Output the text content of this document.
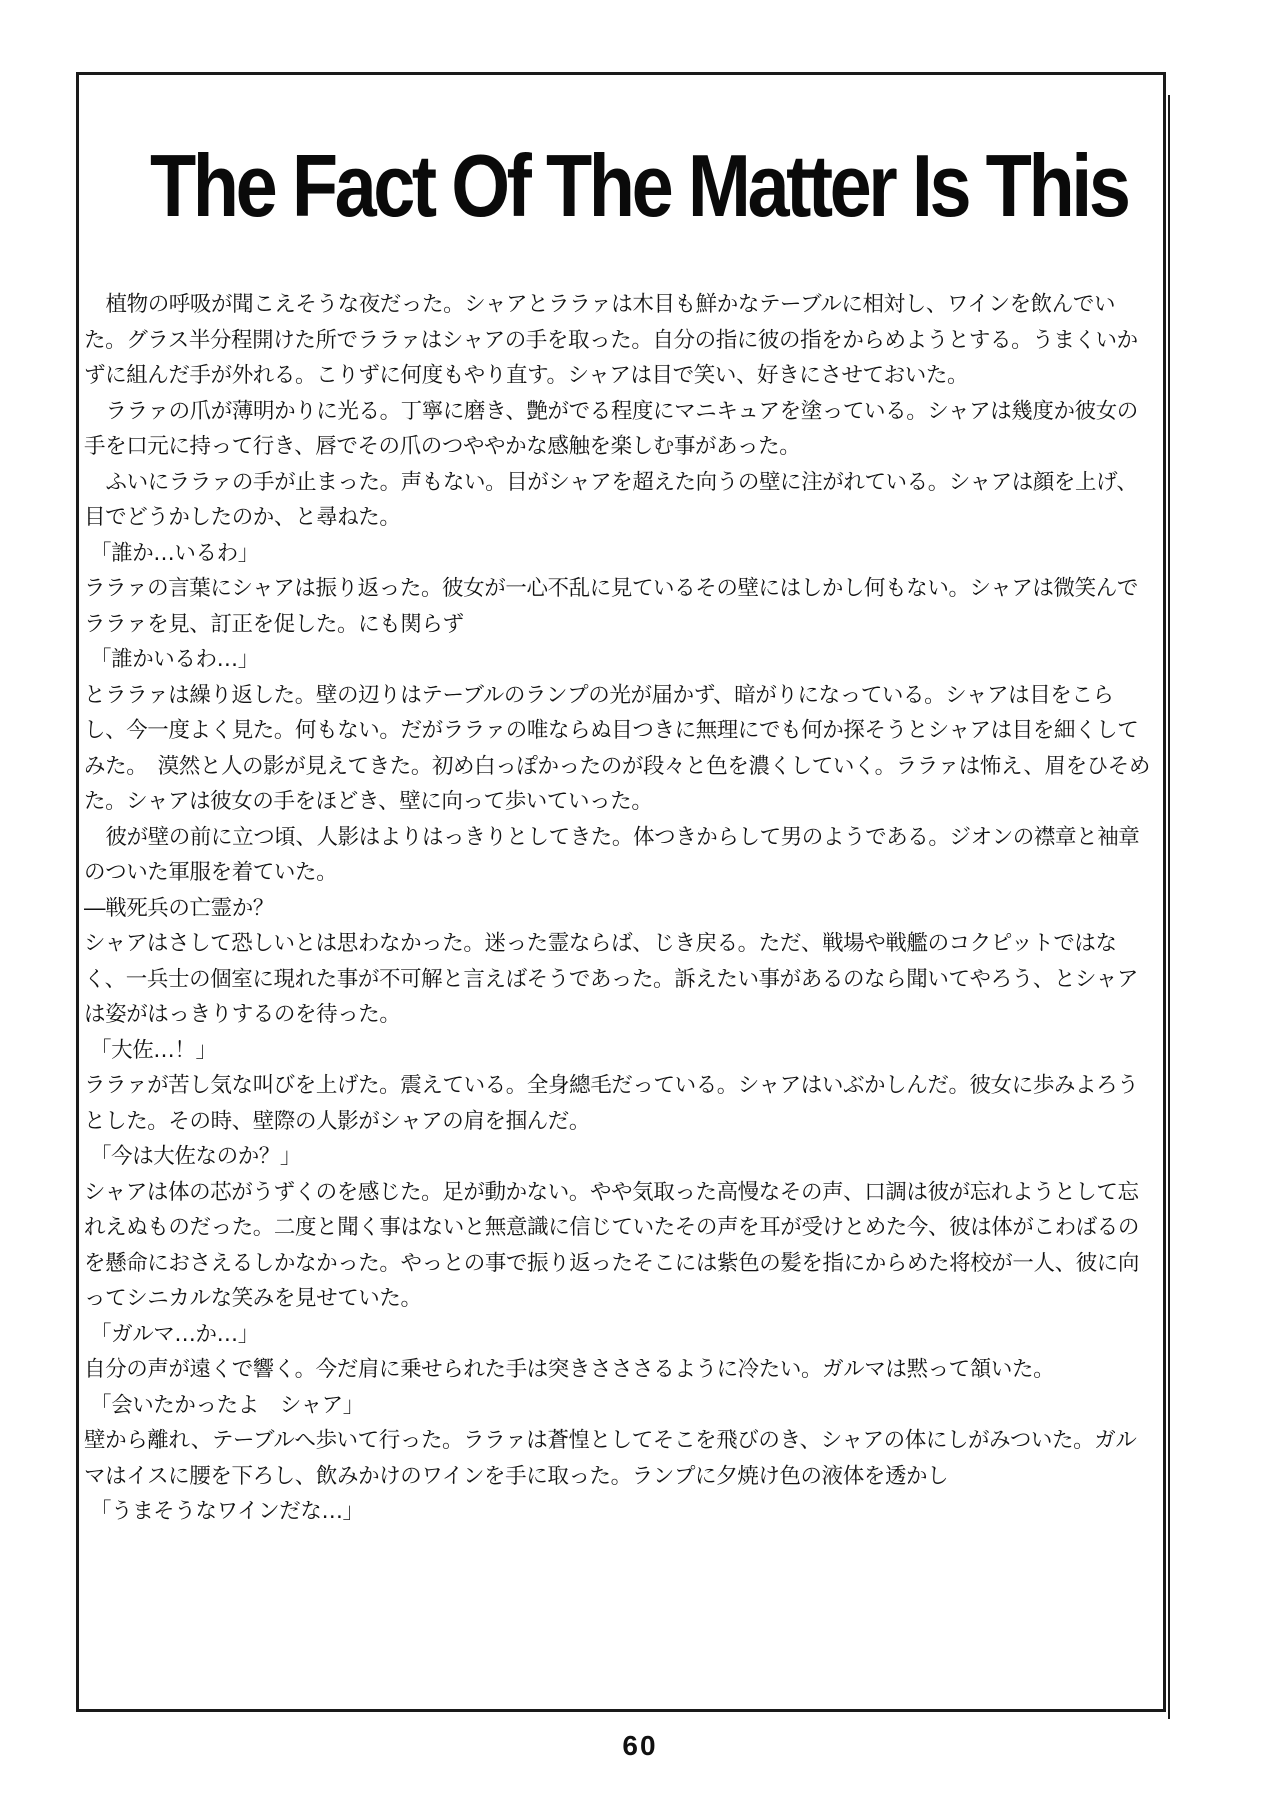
The Fact Of The Matter Is This

植物の呼吸が聞こえそうな夜だった。シャアとララァは木目も鮮かなテーブルに相対し、ワインを飲んでいた。グラス半分程開けた所でララァはシャアの手を取った。自分の指に彼の指をからめようとする。うまくいかずに組んだ手が外れる。こりずに何度もやり直す。シャアは目で笑い、好きにさせておいた。

ララァの爪が薄明かりに光る。丁寧に磨き、艶がでる程度にマニキュアを塗っている。シャアは幾度か彼女の手を口元に持って行き、唇でその爪のつややかな感触を楽しむ事があった。

ふいにララァの手が止まった。声もない。目がシャアを超えた向うの壁に注がれている。シャアは顔を上げ、目でどうかしたのか、と尋ねた。

「誰か…いるわ」

ララァの言葉にシャアは振り返った。彼女が一心不乱に見ているその壁にはしかし何もない。シャアは微笑んでララァを見、訂正を促した。にも関らず

「誰かいるわ…」

とララァは繰り返した。壁の辺りはテーブルのランプの光が届かず、暗がりになっている。シャアは目をこらし、今一度よく見た。何もない。だがララァの唯ならぬ目つきに無理にでも何か探そうとシャアは目を細くしてみた。　漠然と人の影が見えてきた。初め白っぽかったのが段々と色を濃くしていく。ララァは怖え、眉をひそめた。シャアは彼女の手をほどき、壁に向って歩いていった。

彼が壁の前に立つ頃、人影はよりはっきりとしてきた。体つきからして男のようである。ジオンの襟章と袖章のついた軍服を着ていた。

―戦死兵の亡霊か？

シャアはさして恐しいとは思わなかった。迷った霊ならば、じき戻る。ただ、戦場や戦艦のコクピットではなく、一兵士の個室に現れた事が不可解と言えばそうであった。訴えたい事があるのなら聞いてやろう、とシャアは姿がはっきりするのを待った。

「大佐…！」

ララァが苦し気な叫びを上げた。震えている。全身總毛だっている。シャアはいぶかしんだ。彼女に歩みよろうとした。その時、壁際の人影がシャアの肩を掴んだ。

「今は大佐なのか？」

シャアは体の芯がうずくのを感じた。足が動かない。やや気取った高慢なその声、口調は彼が忘れようとして忘れえぬものだった。二度と聞く事はないと無意識に信じていたその声を耳が受けとめた今、彼は体がこわばるのを懸命におさえるしかなかった。やっとの事で振り返ったそこには紫色の髪を指にからめた将校が一人、彼に向ってシニカルな笑みを見せていた。

「ガルマ…か…」

自分の声が遠くで響く。今だ肩に乗せられた手は突きさささるように冷たい。ガルマは黙って頷いた。

「会いたかったよ　シャア」

壁から離れ、テーブルへ歩いて行った。ララァは蒼惶としてそこを飛びのき、シャアの体にしがみついた。ガルマはイスに腰を下ろし、飲みかけのワインを手に取った。ランプに夕焼け色の液体を透かし

「うまそうなワインだな…」

60
